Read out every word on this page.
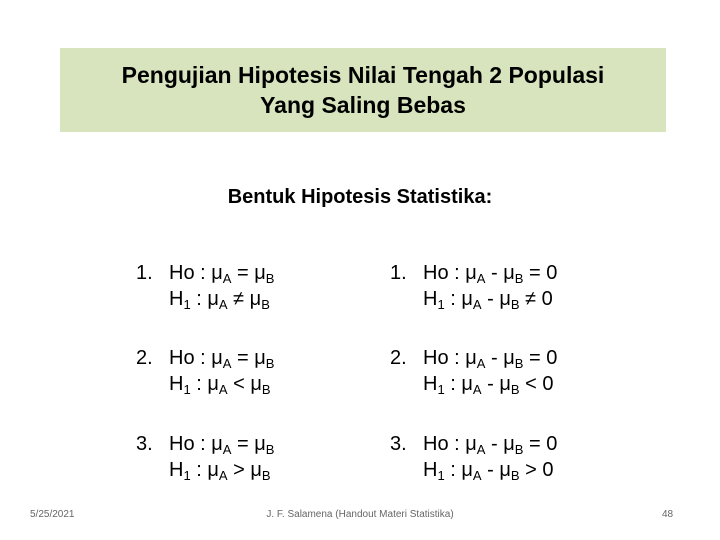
Pengujian Hipotesis Nilai Tengah 2 Populasi
Yang Saling Bebas
Bentuk Hipotesis Statistika:
1. Ho : $\mu_A = \mu_B$
$H_1$ : $\mu_A \ne \mu_B$
1. Ho : $\mu_A - \mu_B = 0$
$H_1$ : $\mu_A - \mu_B \ne 0$
2. Ho : $\mu_A = \mu_B$
$H_1$ : $\mu_A < \mu_B$
2. Ho : $\mu_A - \mu_B = 0$
$H_1$ : $\mu_A - \mu_B < 0$
3. Ho : $\mu_A = \mu_B$
$H_1$ : $\mu_A > \mu_B$
3. Ho : $\mu_A - \mu_B = 0$
$H_1$ : $\mu_A - \mu_B > 0$
5/25/2021	J. F. Salamena (Handout Materi Statistika)	48
